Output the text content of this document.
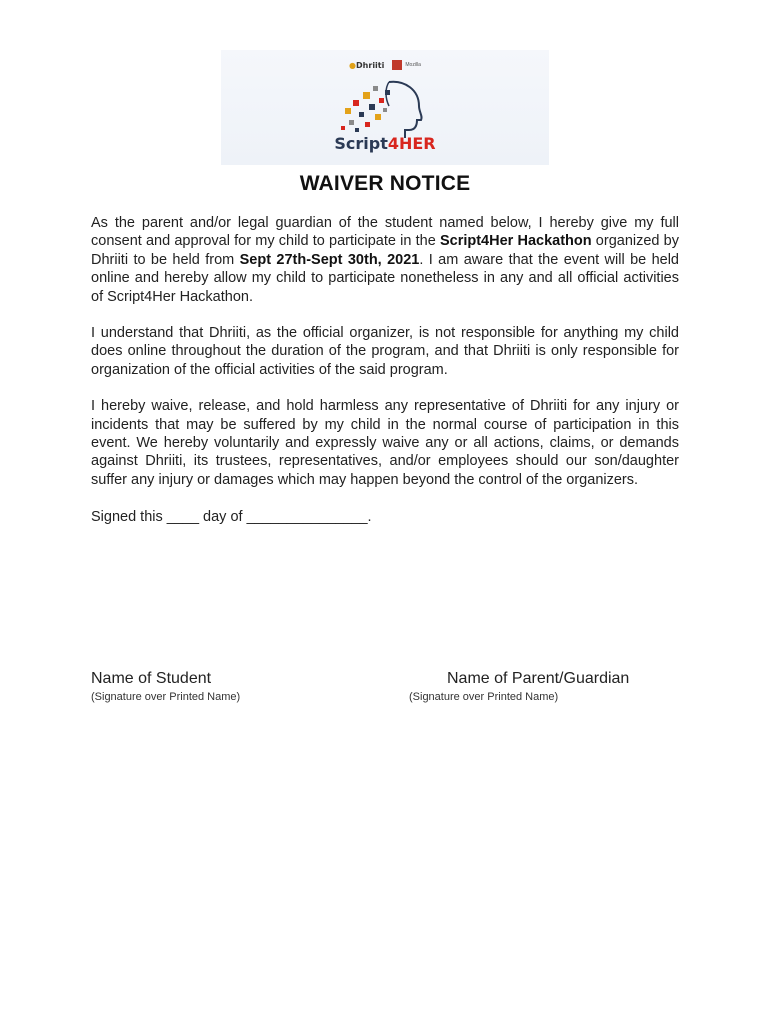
●Dhriiti	Mozilla
Script4HER
WAIVER NOTICE

As the parent and/or legal guardian of the student named below, I hereby give my full consent and approval for my child to participate in the Script4Her Hackathon organized by Dhriiti to be held from Sept 27th-Sept 30th, 2021. I am aware that the event will be held online and hereby allow my child to participate nonetheless in any and all official activities of Script4Her Hackathon.

I understand that Dhriiti, as the official organizer, is not responsible for anything my child does online throughout the duration of the program, and that Dhriiti is only responsible for organization of the official activities of the said program.

I hereby waive, release, and hold harmless any representative of Dhriiti for any injury or incidents that may be suffered by my child in the normal course of participation in this event. We hereby voluntarily and expressly waive any or all actions, claims, or demands against Dhriiti, its trustees, representatives, and/or employees should our son/daughter suffer any injury or damages which may happen beyond the control of the organizers.

Signed this ____ day of _______________.
Name of Student
(Signature over Printed Name)
Name of Parent/Guardian
(Signature over Printed Name)
